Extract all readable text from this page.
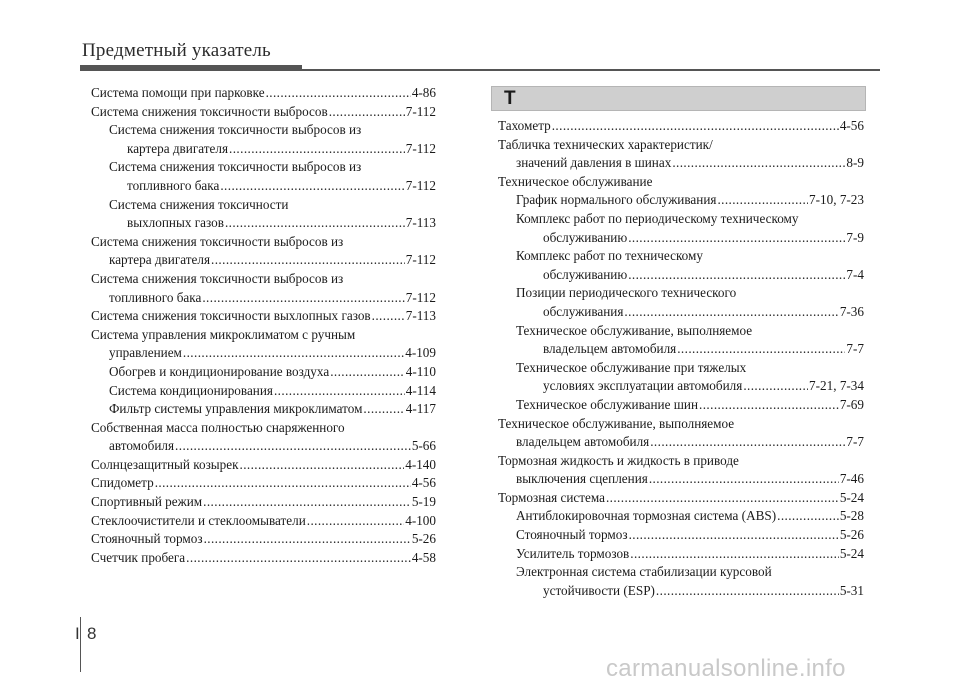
Предметный указатель
Система помощи при парковке .....	4-86
Система снижения токсичности выбросов .....	7-112
Система снижения токсичности выбросов из
картера двигателя .....	7-112
Система снижения токсичности выбросов из
топливного бака .....	7-112
Система снижения токсичности
выхлопных газов .....	7-113
Система снижения токсичности выбросов из
картера двигателя .....	7-112
Система снижения токсичности выбросов из
топливного бака .....	7-112
Система снижения токсичности выхлопных газов .....	7-113
Система управления микроклиматом с ручным
управлением .....	4-109
Обогрев и кондиционирование воздуха .....	4-110
Система кондиционирования .....	4-114
Фильтр системы управления микроклиматом .....	4-117
Собственная масса полностью снаряженного
автомобиля .....	5-66
Солнцезащитный козырек .....	4-140
Спидометр .....	4-56
Спортивный режим .....	5-19
Стеклоочистители и стеклоомыватели .....	4-100
Стояночный тормоз .....	5-26
Счетчик пробега .....	4-58
T
Тахометр .....	4-56
Табличка технических характеристик/
значений давления в шинах .....	8-9
Техническое обслуживание
График нормального обслуживания .....	7-10, 7-23
Комплекс работ по периодическому техническому
обслуживанию .....	7-9
Комплекс работ по техническому
обслуживанию .....	7-4
Позиции периодического технического
обслуживания .....	7-36
Техническое обслуживание, выполняемое
владельцем автомобиля .....	7-7
Техническое обслуживание при тяжелых
условиях эксплуатации автомобиля .....	7-21, 7-34
Техническое обслуживание шин .....	7-69
Техническое обслуживание, выполняемое
владельцем автомобиля .....	7-7
Тормозная жидкость и жидкость в приводе
выключения сцепления .....	7-46
Тормозная система .....	5-24
Антиблокировочная тормозная система (ABS) .....	5-28
Стояночный тормоз .....	5-26
Усилитель тормозов .....	5-24
Электронная система стабилизации курсовой
устойчивости (ESP) .....	5-31
I 8
carmanualsonline.info
